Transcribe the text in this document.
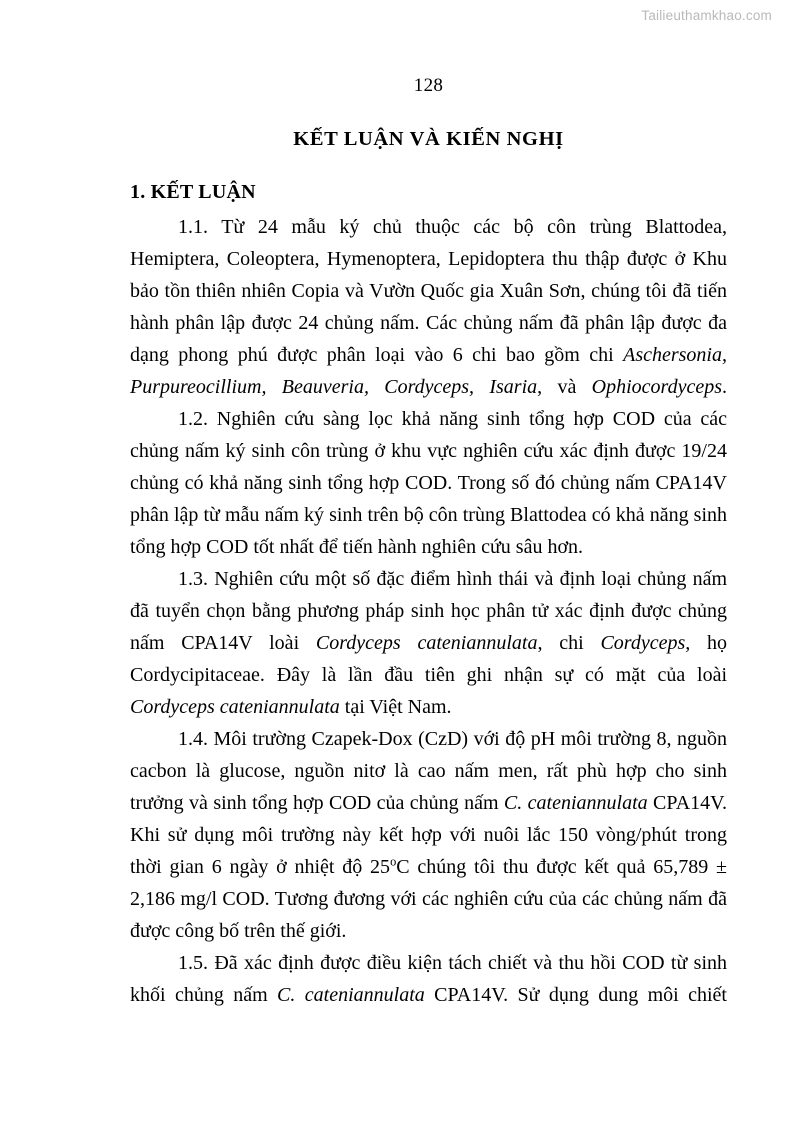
Tailieuthamkhao.com
128
KẾT LUẬN VÀ KIẾN NGHỊ
1. KẾT LUẬN

1.1. Từ 24 mẫu ký chủ thuộc các bộ côn trùng Blattodea, Hemiptera, Coleoptera, Hymenoptera, Lepidoptera thu thập được ở Khu bảo tồn thiên nhiên Copia và Vườn Quốc gia Xuân Sơn, chúng tôi đã tiến hành phân lập được 24 chủng nấm. Các chủng nấm đã phân lập được đa dạng phong phú được phân loại vào 6 chi bao gồm chi Aschersonia, Purpureocillium, Beauveria, Cordyceps, Isaria, và Ophiocordyceps.

1.2. Nghiên cứu sàng lọc khả năng sinh tổng hợp COD của các chủng nấm ký sinh côn trùng ở khu vực nghiên cứu xác định được 19/24 chủng có khả năng sinh tổng hợp COD. Trong số đó chủng nấm CPA14V phân lập từ mẫu nấm ký sinh trên bộ côn trùng Blattodea có khả năng sinh tổng hợp COD tốt nhất để tiến hành nghiên cứu sâu hơn.

1.3. Nghiên cứu một số đặc điểm hình thái và định loại chủng nấm đã tuyển chọn bằng phương pháp sinh học phân tử xác định được chủng nấm CPA14V loài Cordyceps cateniannulata, chi Cordyceps, họ Cordycipitaceae. Đây là lần đầu tiên ghi nhận sự có mặt của loài Cordyceps cateniannulata tại Việt Nam.

1.4. Môi trường Czapek-Dox (CzD) với độ pH môi trường 8, nguồn cacbon là glucose, nguồn nitơ là cao nấm men, rất phù hợp cho sinh trưởng và sinh tổng hợp COD của chủng nấm C. cateniannulata CPA14V. Khi sử dụng môi trường này kết hợp với nuôi lắc 150 vòng/phút trong thời gian 6 ngày ở nhiệt độ 25$^o$C chúng tôi thu được kết quả 65,789 ± 2,186 mg/l COD. Tương đương với các nghiên cứu của các chủng nấm đã được công bố trên thế giới.

1.5. Đã xác định được điều kiện tách chiết và thu hồi COD từ sinh khối chủng nấm C. cateniannulata CPA14V. Sử dụng dung môi chiết
